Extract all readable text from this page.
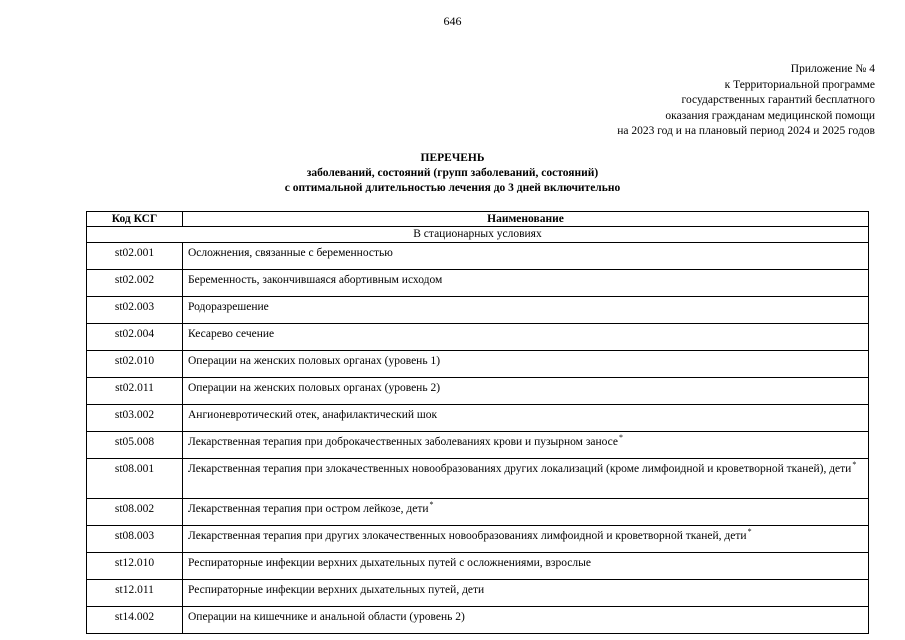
646
Приложение № 4
к Территориальной программе
государственных гарантий бесплатного
оказания гражданам медицинской помощи
на 2023 год и на плановый период 2024 и 2025 годов
ПЕРЕЧЕНЬ
заболеваний, состояний (групп заболеваний, состояний)
с оптимальной длительностью лечения до 3 дней включительно
Код КСГ	Наименование
В стационарных условиях	
st02.001	Осложнения, связанные с беременностью
st02.002	Беременность, закончившаяся абортивным исходом
st02.003	Родоразрешение
st02.004	Кесарево сечение
st02.010	Операции на женских половых органах (уровень 1)
st02.011	Операции на женских половых органах (уровень 2)
st03.002	Ангионевротический отек, анафилактический шок
st05.008	Лекарственная терапия при доброкачественных заболеваниях крови и пузырном заносе*
st08.001	Лекарственная терапия при злокачественных новообразованиях других локализаций (кроме лимфоидной и кроветворной тканей), дети*
st08.002	Лекарственная терапия при остром лейкозе, дети*
st08.003	Лекарственная терапия при других злокачественных новообразованиях лимфоидной и кроветворной тканей, дети*
st12.010	Респираторные инфекции верхних дыхательных путей с осложнениями, взрослые
st12.011	Респираторные инфекции верхних дыхательных путей, дети
st14.002	Операции на кишечнике и анальной области (уровень 2)
